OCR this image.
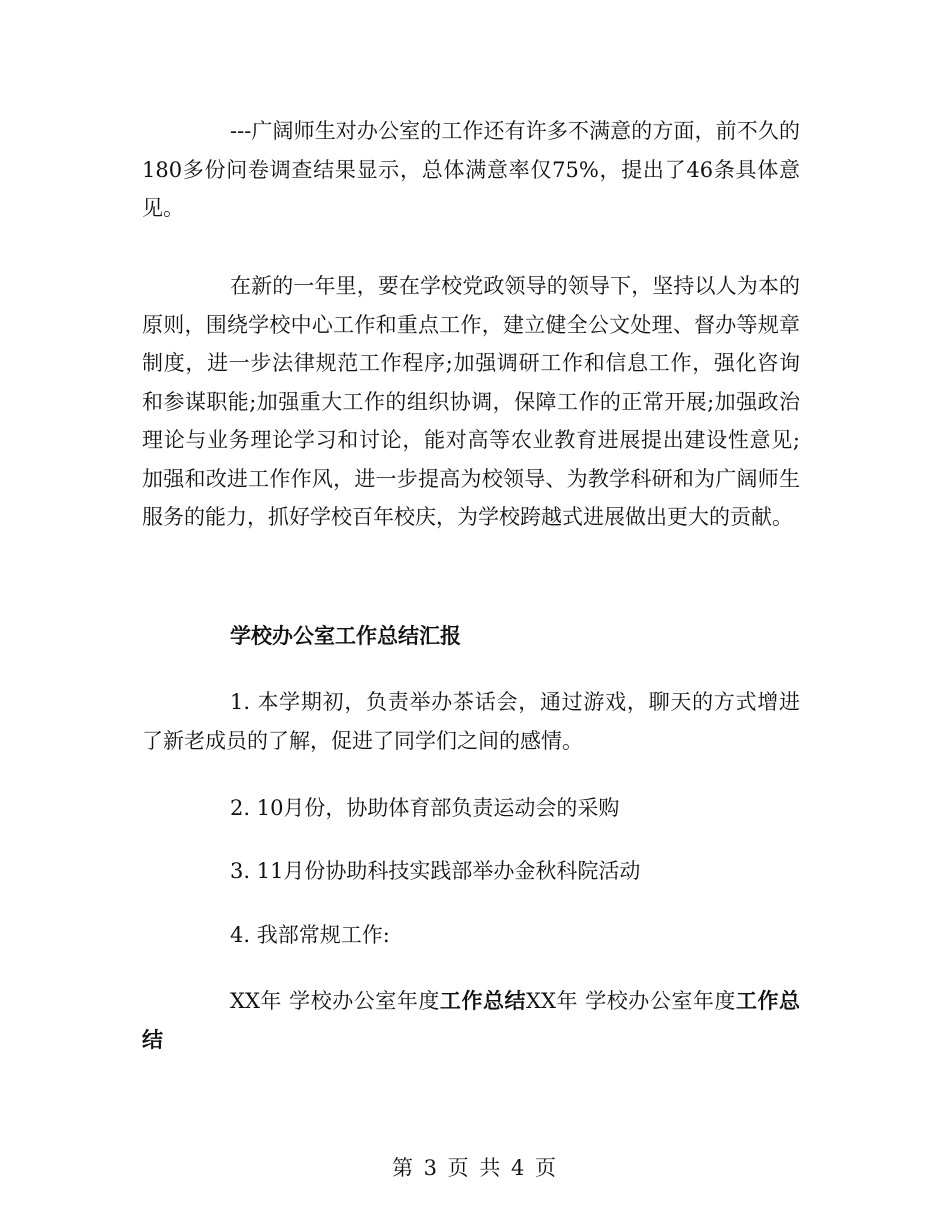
---广阔师生对办公室的工作还有许多不满意的方面，前不久的180多份问卷调查结果显示，总体满意率仅75%，提出了46条具体意见。

在新的一年里，要在学校党政领导的领导下，坚持以人为本的原则，围绕学校中心工作和重点工作，建立健全公文处理、督办等规章制度，进一步法律规范工作程序;加强调研工作和信息工作，强化咨询和参谋职能;加强重大工作的组织协调，保障工作的正常开展;加强政治理论与业务理论学习和讨论，能对高等农业教育进展提出建设性意见;加强和改进工作作风，进一步提高为校领导、为教学科研和为广阔师生服务的能力，抓好学校百年校庆，为学校跨越式进展做出更大的贡献。

学校办公室工作总结汇报

1. 本学期初，负责举办茶话会，通过游戏，聊天的方式增进了新老成员的了解，促进了同学们之间的感情。

2. 10月份，协助体育部负责运动会的采购

3. 11月份协助科技实践部举办金秋科院活动

4. 我部常规工作:

XX年 学校办公室年度工作总结XX年 学校办公室年度工作总结

第 3 页 共 4 页
